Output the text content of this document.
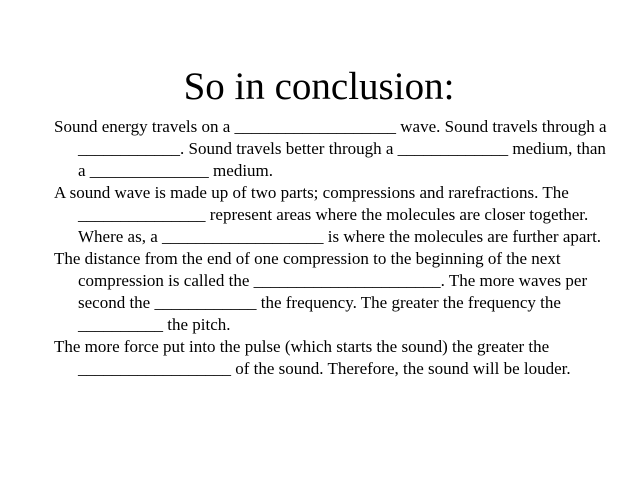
So in conclusion:

Sound energy travels on a ___________________ wave. Sound travels through a ____________. Sound travels better through a _____________ medium, than a ______________ medium.

A sound wave is made up of two parts; compressions and rarefractions. The _______________ represent areas where the molecules are closer together. Where as, a ___________________ is where the molecules are further apart.

The distance from the end of one compression to the beginning of the next compression is called the ______________________. The more waves per second the ____________ the frequency. The greater the frequency the __________ the pitch.

The more force put into the pulse (which starts the sound) the greater the __________________ of the sound. Therefore, the sound will be louder.
